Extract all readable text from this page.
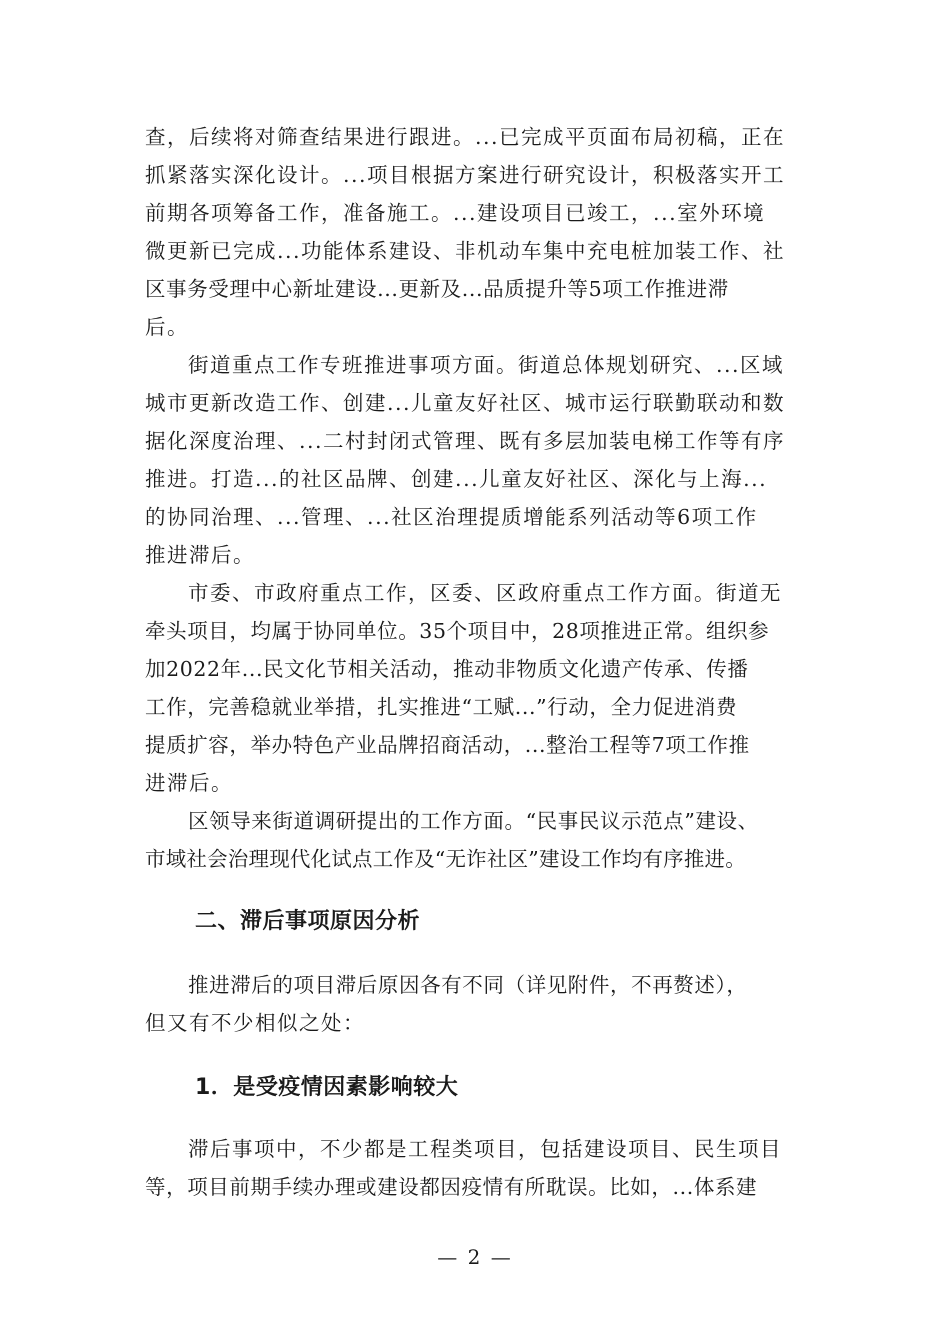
查，后续将对筛查结果进行跟进。...已完成平页面布局初稿，正在
抓紧落实深化设计。...项目根据方案进行研究设计，积极落实开工
前期各项筹备工作，准备施工。...建设项目已竣工，...室外环境
微更新已完成...功能体系建设、非机动车集中充电桩加装工作、社
区事务受理中心新址建设...更新及...品质提升等5项工作推进滞
后。
街道重点工作专班推进事项方面。街道总体规划研究、...区域
城市更新改造工作、创建...儿童友好社区、城市运行联勤联动和数
据化深度治理、...二村封闭式管理、既有多层加装电梯工作等有序
推进。打造...的社区品牌、创建...儿童友好社区、深化与上海...
的协同治理、...管理、...社区治理提质增能系列活动等6项工作
推进滞后。
市委、市政府重点工作，区委、区政府重点工作方面。街道无
牵头项目，均属于协同单位。35个项目中，28项推进正常。组织参
加2022年...民文化节相关活动，推动非物质文化遗产传承、传播
工作，完善稳就业举措，扎实推进“工赋...”行动，全力促进消费
提质扩容，举办特色产业品牌招商活动，...整治工程等7项工作推
进滞后。
区领导来街道调研提出的工作方面。“民事民议示范点”建设、
市域社会治理现代化试点工作及“无诈社区”建设工作均有序推进。
二、滞后事项原因分析
推进滞后的项目滞后原因各有不同（详见附件，不再赘述），
但又有不少相似之处：
1．是受疫情因素影响较大
滞后事项中，不少都是工程类项目，包括建设项目、民生项目
等，项目前期手续办理或建设都因疫情有所耽误。比如，...体系建
— 2 —
